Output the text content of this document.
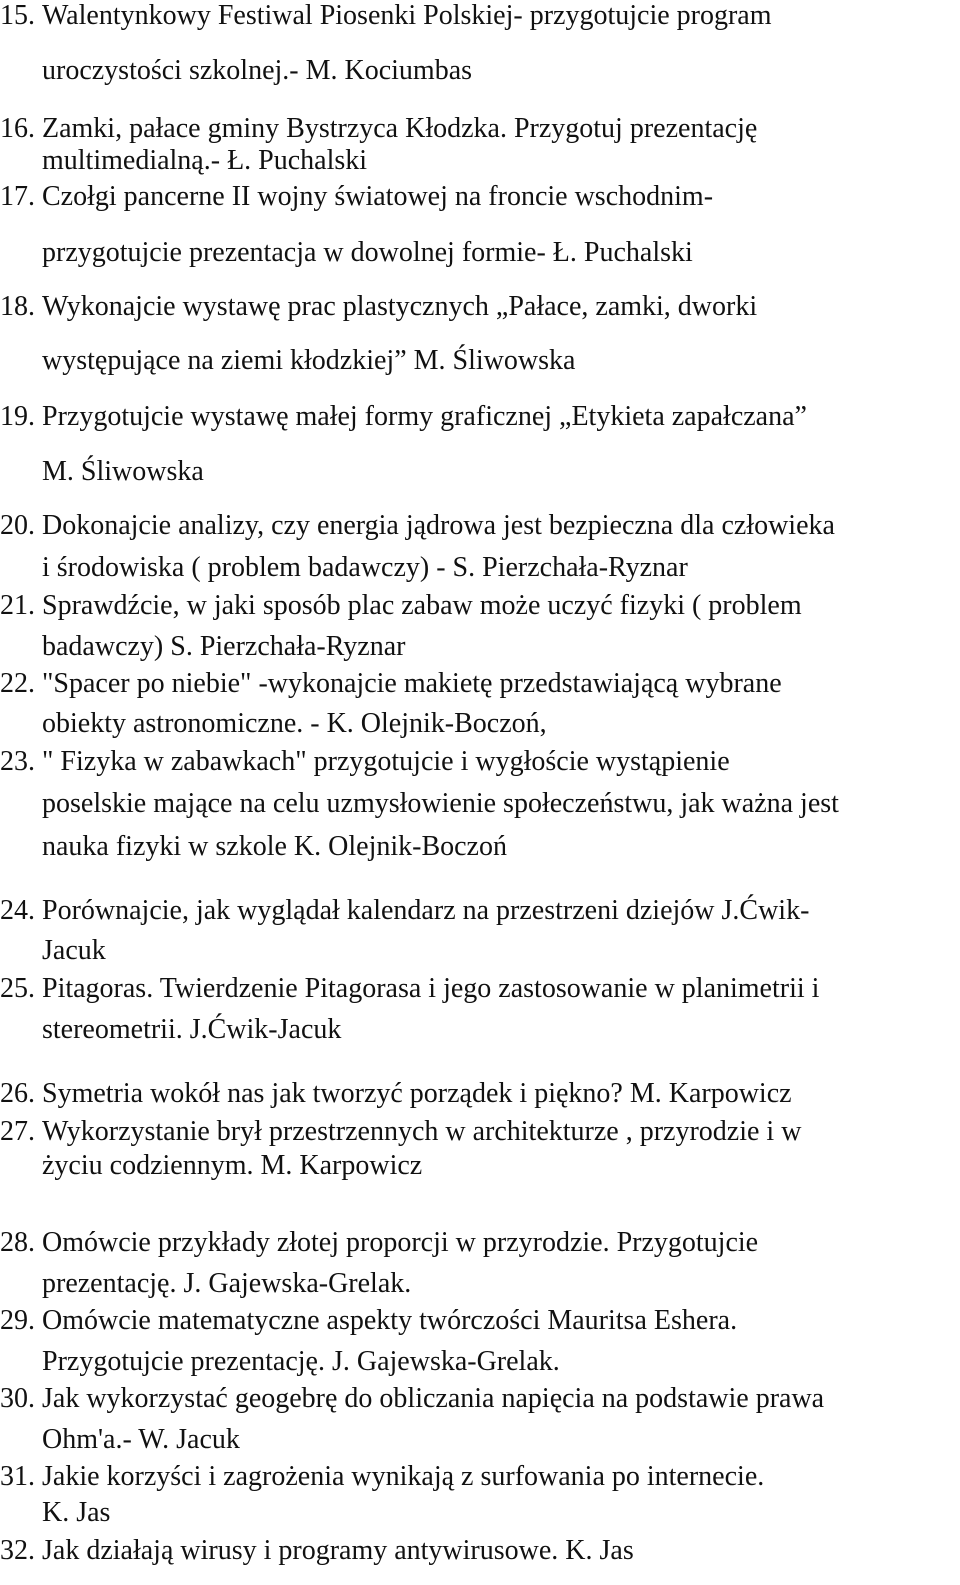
15. Walentynkowy Festiwal Piosenki Polskiej- przygotujcie program
uroczystości szkolnej.- M. Kociumbas
16. Zamki, pałace gminy Bystrzyca Kłodzka. Przygotuj prezentację
multimedialną.- Ł. Puchalski
17. Czołgi pancerne II wojny światowej na froncie wschodnim-
przygotujcie prezentacja w dowolnej formie- Ł. Puchalski
18. Wykonajcie wystawę prac plastycznych „Pałace, zamki, dworki
występujące na ziemi kłodzkiej” M. Śliwowska
19. Przygotujcie wystawę małej formy graficznej „Etykieta zapałczana”
M. Śliwowska
20. Dokonajcie analizy, czy energia jądrowa jest bezpieczna dla człowieka
i środowiska ( problem badawczy) - S. Pierzchała-Ryznar
21. Sprawdźcie, w jaki sposób plac zabaw może uczyć fizyki ( problem
badawczy) S. Pierzchała-Ryznar
22. "Spacer po niebie" -wykonajcie makietę przedstawiającą wybrane
obiekty astronomiczne. - K. Olejnik-Boczoń,
23. " Fizyka w zabawkach" przygotujcie i wygłoście wystąpienie
poselskie mające na celu uzmysłowienie społeczeństwu, jak ważna jest
nauka fizyki w szkole K. Olejnik-Boczoń
24. Porównajcie, jak wyglądał kalendarz na przestrzeni dziejów J.Ćwik-
Jacuk
25. Pitagoras. Twierdzenie Pitagorasa i jego zastosowanie w planimetrii i
stereometrii. J.Ćwik-Jacuk
26. Symetria wokół nas jak tworzyć porządek i piękno? M. Karpowicz
27. Wykorzystanie brył przestrzennych w architekturze , przyrodzie i w
życiu codziennym. M. Karpowicz
28. Omówcie przykłady złotej proporcji w przyrodzie. Przygotujcie
prezentację. J. Gajewska-Grelak.
29. Omówcie matematyczne aspekty twórczości Mauritsa Eshera.
Przygotujcie prezentację. J. Gajewska-Grelak.
30. Jak wykorzystać geogebrę do obliczania napięcia na podstawie prawa
Ohm'a.- W. Jacuk
31. Jakie korzyści i zagrożenia wynikają z surfowania po internecie.
K. Jas
32. Jak działają wirusy i programy antywirusowe. K. Jas
